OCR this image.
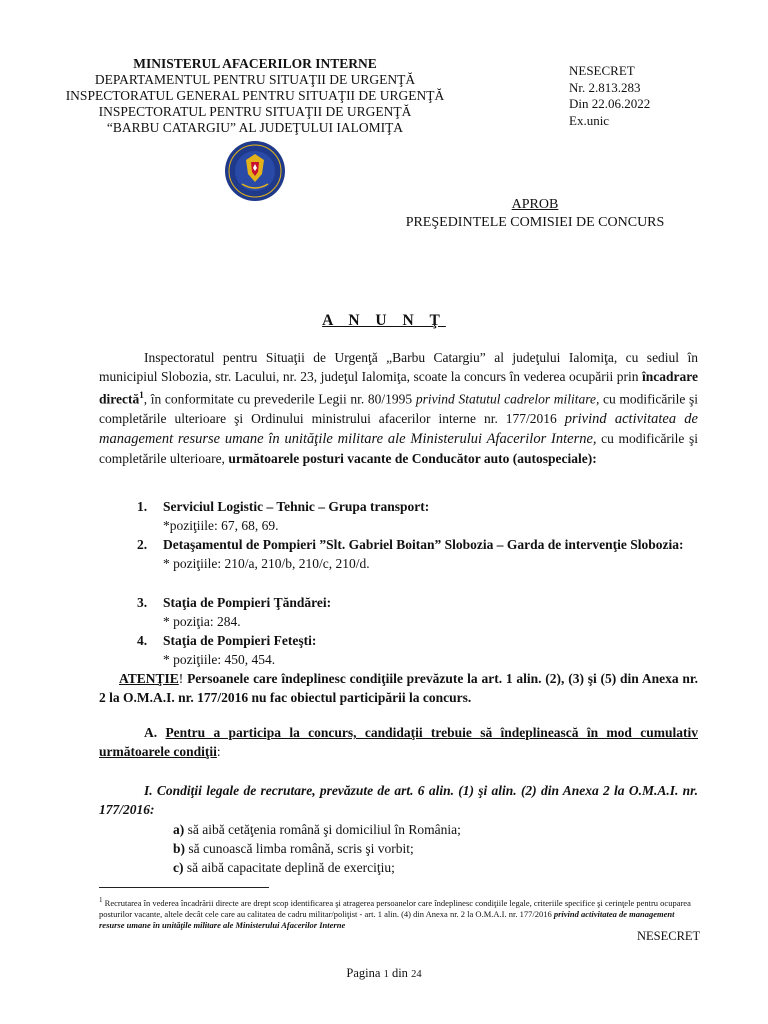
MINISTERUL AFACERILOR INTERNE
DEPARTAMENTUL PENTRU SITUAŢII DE URGENŢĂ
INSPECTORATUL GENERAL PENTRU SITUAŢII DE URGENŢĂ
INSPECTORATUL PENTRU SITUAŢII DE URGENŢĂ
“BARBU CATARGIU” AL JUDEŢULUI IALOMIŢA
NESECRET
Nr. 2.813.283
Din 22.06.2022
Ex.unic
APROB
PREŞEDINTELE COMISIEI DE CONCURS
A N U N Ţ
Inspectoratul pentru Situaţii de Urgenţă „Barbu Catargiu” al judeţului Ialomiţa, cu sediul în municipiul Slobozia, str. Lacului, nr. 23, judeţul Ialomiţa, scoate la concurs în vederea ocupării prin încadrare directă$^1$, în conformitate cu prevederile Legii nr. 80/1995 privind Statutul cadrelor militare, cu modificările şi completările ulterioare şi Ordinului ministrului afacerilor interne nr. 177/2016 privind activitatea de management resurse umane în unităţile militare ale Ministerului Afacerilor Interne, cu modificările şi completările ulterioare, următoarele posturi vacante de Conducător auto (autospeciale):
1. Serviciul Logistic – Tehnic – Grupa transport:
*poziţiile: 67, 68, 69.
2. Detaşamentul de Pompieri ”Slt. Gabriel Boitan” Slobozia – Garda de intervenţie Slobozia:
* poziţiile: 210/a, 210/b, 210/c, 210/d.
3. Staţia de Pompieri Ţăndărei:
* poziţia: 284.
4. Staţia de Pompieri Feteşti:
* poziţiile: 450, 454.
ATENŢIE! Persoanele care îndeplinesc condiţiile prevăzute la art. 1 alin. (2), (3) şi (5) din Anexa nr. 2 la O.M.A.I. nr. 177/2016 nu fac obiectul participării la concurs.
A. Pentru a participa la concurs, candidaţii trebuie să îndeplinească în mod cumulativ următoarele condiţii:
I. Condiţii legale de recrutare, prevăzute de art. 6 alin. (1) şi alin. (2) din Anexa 2 la O.M.A.I. nr. 177/2016:
a) să aibă cetăţenia română şi domiciliul în România;
b) să cunoască limba română, scris şi vorbit;
c) să aibă capacitate deplină de exerciţiu;
$^1$ Recrutarea în vederea încadrării directe are drept scop identificarea şi atragerea persoanelor care îndeplinesc condiţiile legale, criteriile specifice şi cerinţele pentru ocuparea posturilor vacante, altele decât cele care au calitatea de cadru militar/poliţist - art. 1 alin. (4) din Anexa nr. 2 la O.M.A.I. nr. 177/2016 privind activitatea de management resurse umane în unităţile militare ale Ministerului Afacerilor Interne
NESECRET
Pagina 1 din 24
